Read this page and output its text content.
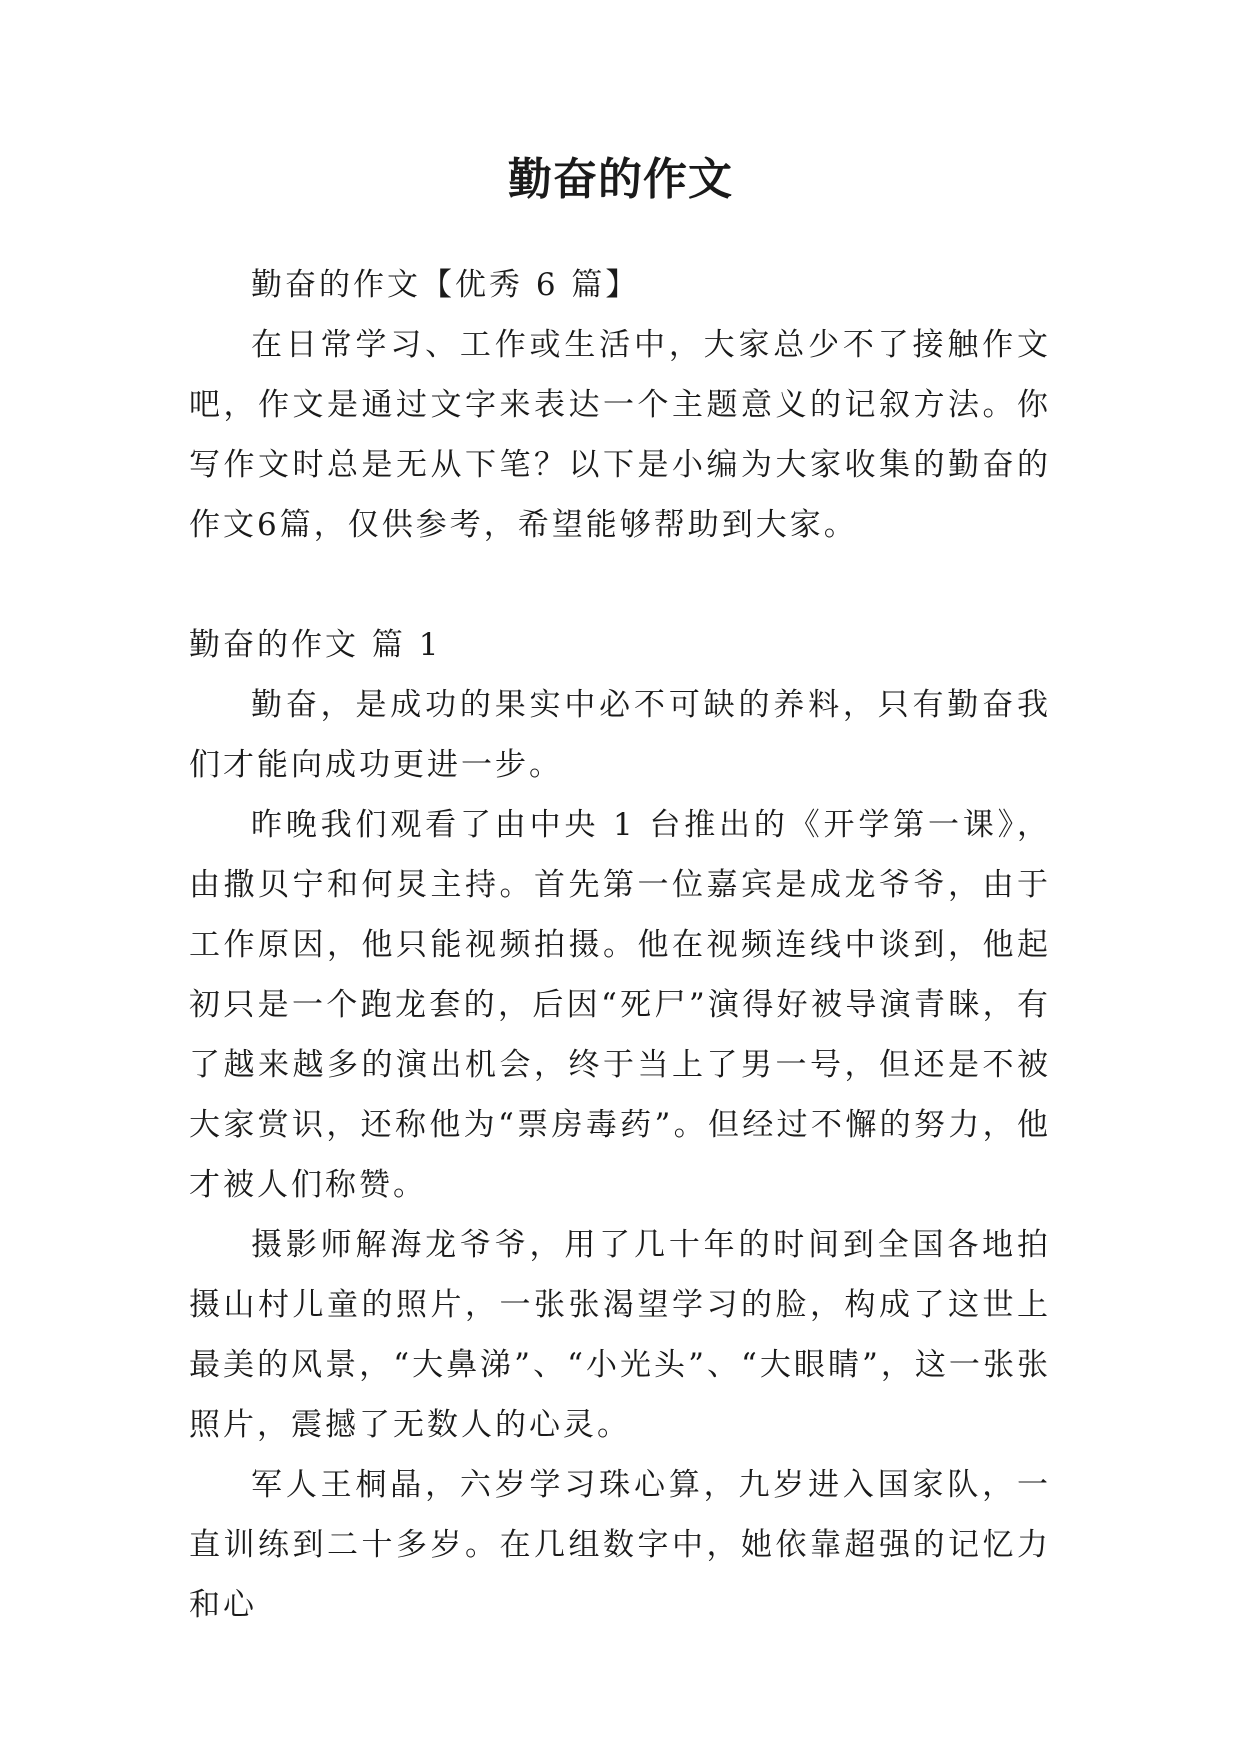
勤奋的作文

勤奋的作文【优秀 6 篇】

在日常学习、工作或生活中，大家总少不了接触作文吧，作文是通过文字来表达一个主题意义的记叙方法。你写作文时总是无从下笔？以下是小编为大家收集的勤奋的作文6篇，仅供参考，希望能够帮助到大家。

勤奋的作文 篇 1

勤奋，是成功的果实中必不可缺的养料，只有勤奋我们才能向成功更进一步。

昨晚我们观看了由中央 1 台推出的《开学第一课》，由撒贝宁和何炅主持。首先第一位嘉宾是成龙爷爷，由于工作原因，他只能视频拍摄。他在视频连线中谈到，他起初只是一个跑龙套的，后因“死尸”演得好被导演青睐，有了越来越多的演出机会，终于当上了男一号，但还是不被大家赏识，还称他为“票房毒药”。但经过不懈的努力，他才被人们称赞。

摄影师解海龙爷爷，用了几十年的时间到全国各地拍摄山村儿童的照片，一张张渴望学习的脸，构成了这世上最美的风景，“大鼻涕”、“小光头”、“大眼睛”，这一张张照片，震撼了无数人的心灵。

军人王桐晶，六岁学习珠心算，九岁进入国家队，一直训练到二十多岁。在几组数字中，她依靠超强的记忆力和心
